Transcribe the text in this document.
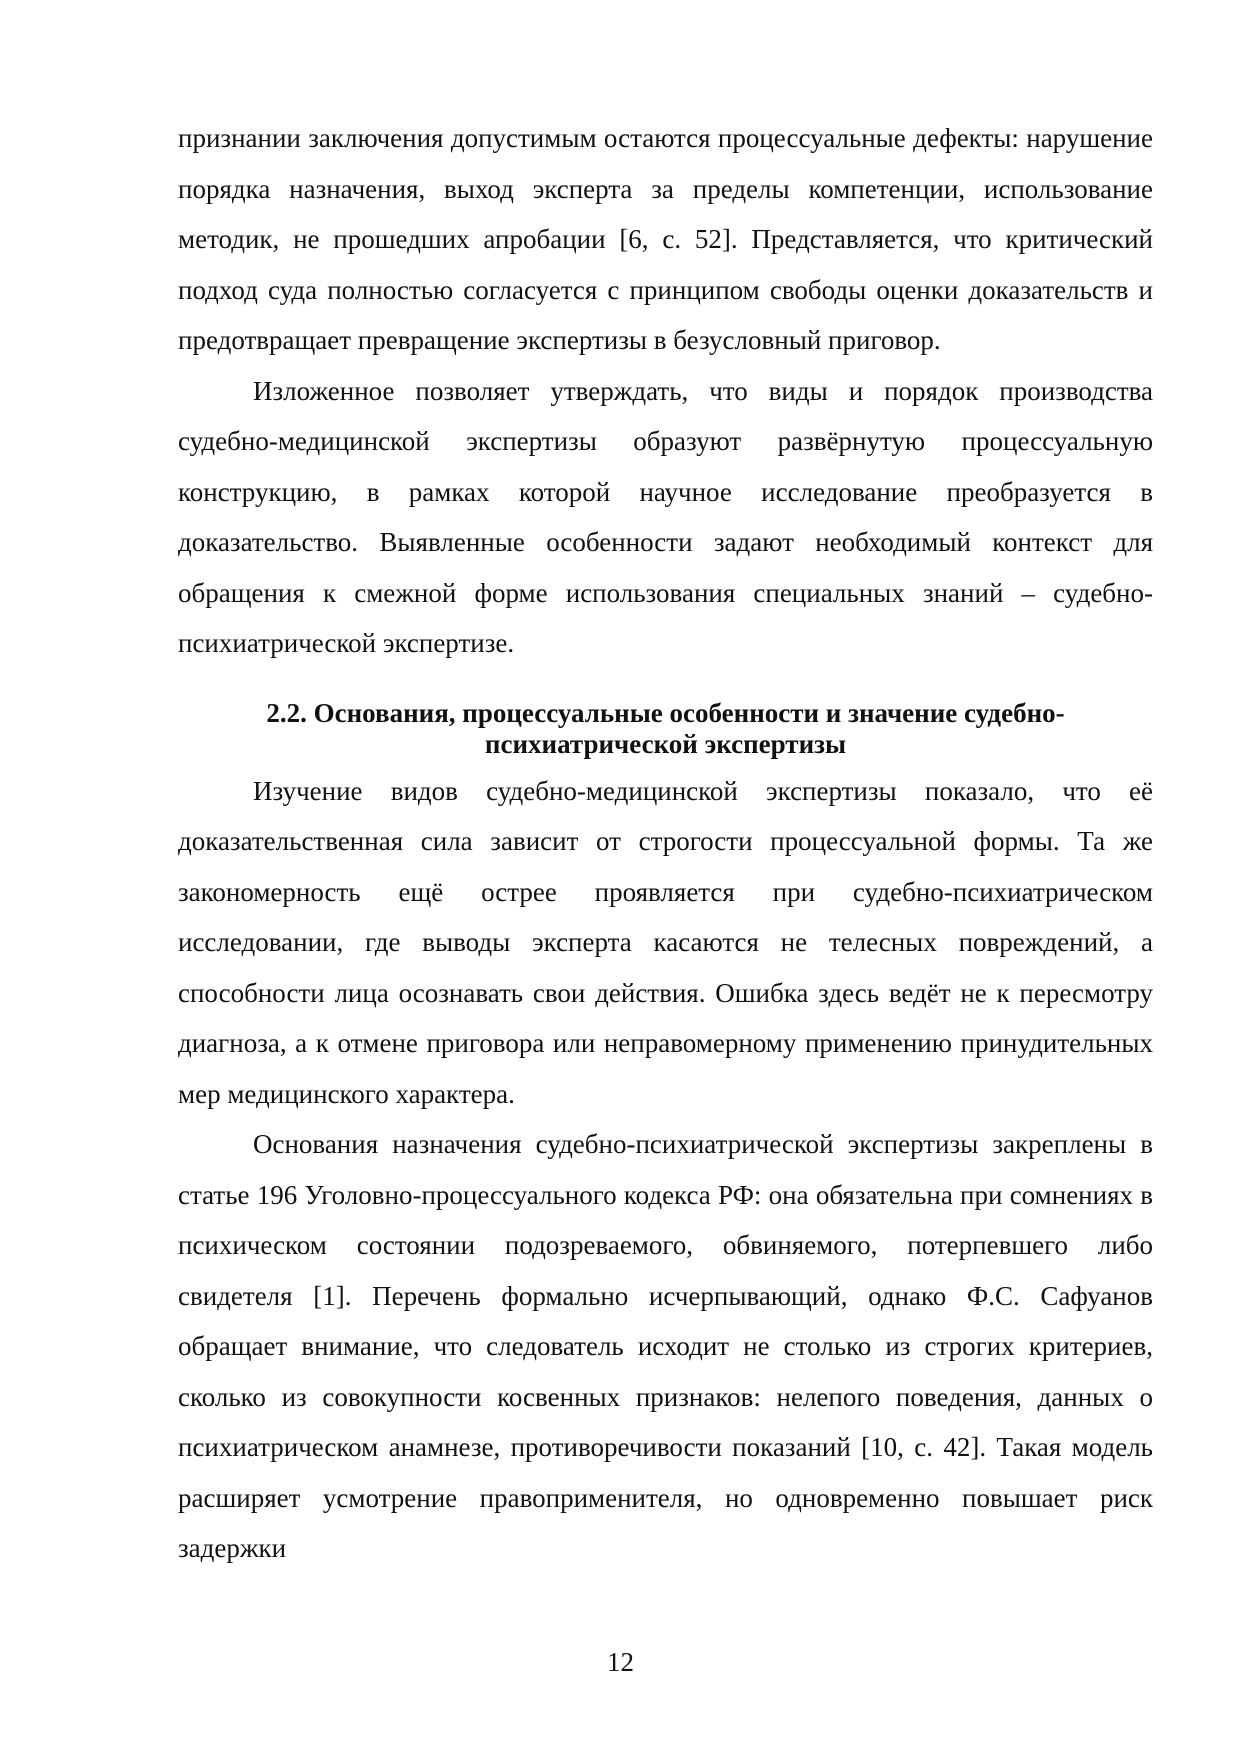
признании заключения допустимым остаются процессуальные дефекты: нарушение порядка назначения, выход эксперта за пределы компетенции, использование методик, не прошедших апробации [6, с. 52]. Представляется, что критический подход суда полностью согласуется с принципом свободы оценки доказательств и предотвращает превращение экспертизы в безусловный приговор.

Изложенное позволяет утверждать, что виды и порядок производства судебно-медицинской экспертизы образуют развёрнутую процессуальную конструкцию, в рамках которой научное исследование преобразуется в доказательство. Выявленные особенности задают необходимый контекст для обращения к смежной форме использования специальных знаний – судебно-психиатрической экспертизе.

2.2. Основания, процессуальные особенности и значение судебно-психиатрической экспертизы

Изучение видов судебно-медицинской экспертизы показало, что её доказательственная сила зависит от строгости процессуальной формы. Та же закономерность ещё острее проявляется при судебно-психиатрическом исследовании, где выводы эксперта касаются не телесных повреждений, а способности лица осознавать свои действия. Ошибка здесь ведёт не к пересмотру диагноза, а к отмене приговора или неправомерному применению принудительных мер медицинского характера.

Основания назначения судебно-психиатрической экспертизы закреплены в статье 196 Уголовно-процессуального кодекса РФ: она обязательна при сомнениях в психическом состоянии подозреваемого, обвиняемого, потерпевшего либо свидетеля [1]. Перечень формально исчерпывающий, однако Ф.С. Сафуанов обращает внимание, что следователь исходит не столько из строгих критериев, сколько из совокупности косвенных признаков: нелепого поведения, данных о психиатрическом анамнезе, противоречивости показаний [10, с. 42]. Такая модель расширяет усмотрение правоприменителя, но одновременно повышает риск задержки

12
